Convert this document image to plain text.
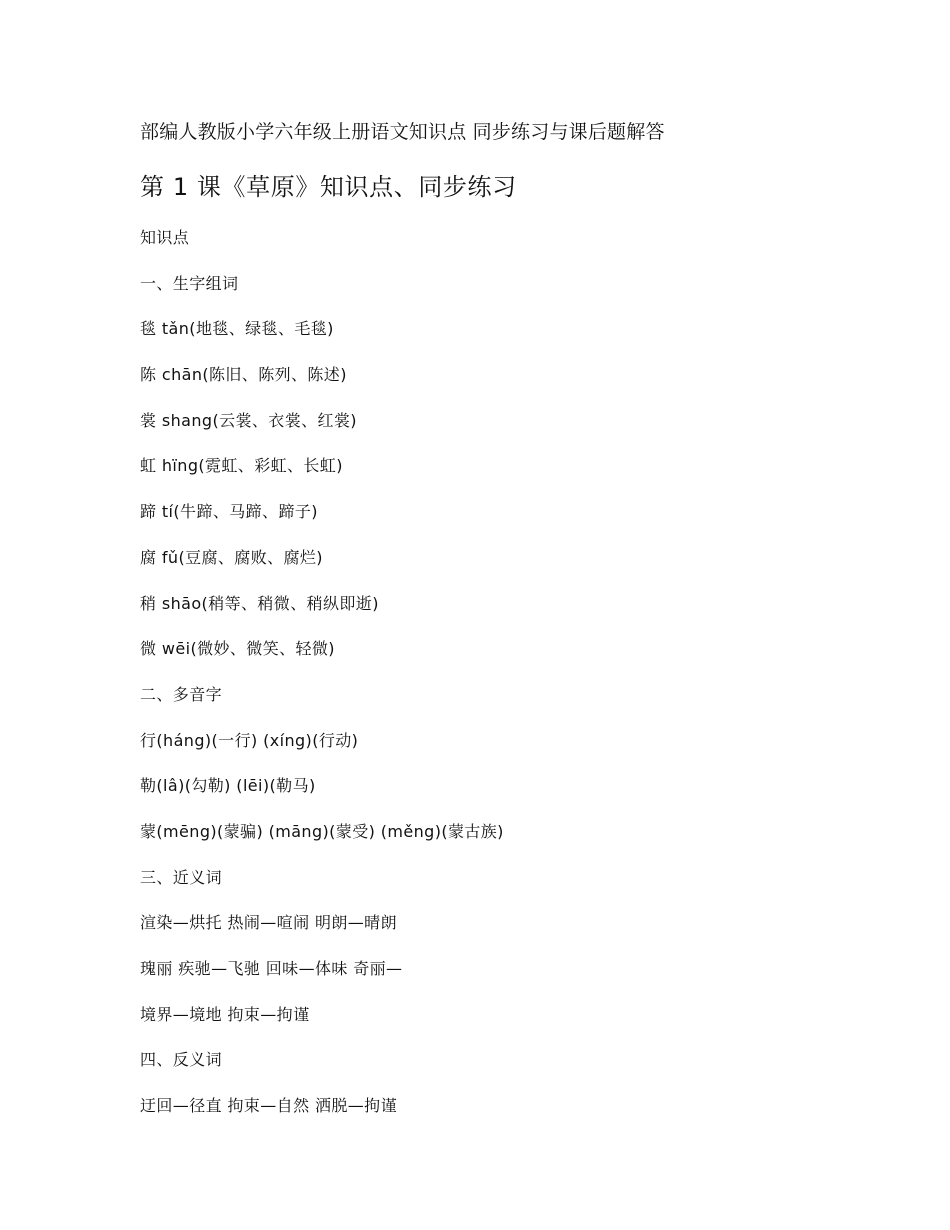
部编人教版小学六年级上册语文知识点 同步练习与课后题解答
第 1 课《草原》知识点、同步练习
知识点
一、生字组词
毯 tǎn(地毯、绿毯、毛毯)
陈 chān(陈旧、陈列、陈述)
裳 shang(云裳、衣裳、红裳)
虹 hïng(霓虹、彩虹、长虹)
蹄 tí(牛蹄、马蹄、蹄子)
腐 fǔ(豆腐、腐败、腐烂)
稍 shāo(稍等、稍微、稍纵即逝)
微 wēi(微妙、微笑、轻微)
二、多音字
行(háng)(一行) (xíng)(行动)
勒(lâ)(勾勒) (lēi)(勒马)
蒙(mēng)(蒙骗) (māng)(蒙受) (měng)(蒙古族)
三、近义词
渲染—烘托 热闹—喧闹 明朗—晴朗
瑰丽 疾驰—飞驰 回味—体味 奇丽—
境界—境地 拘束—拘谨
四、反义词
迂回—径直 拘束—自然 洒脱—拘谨
